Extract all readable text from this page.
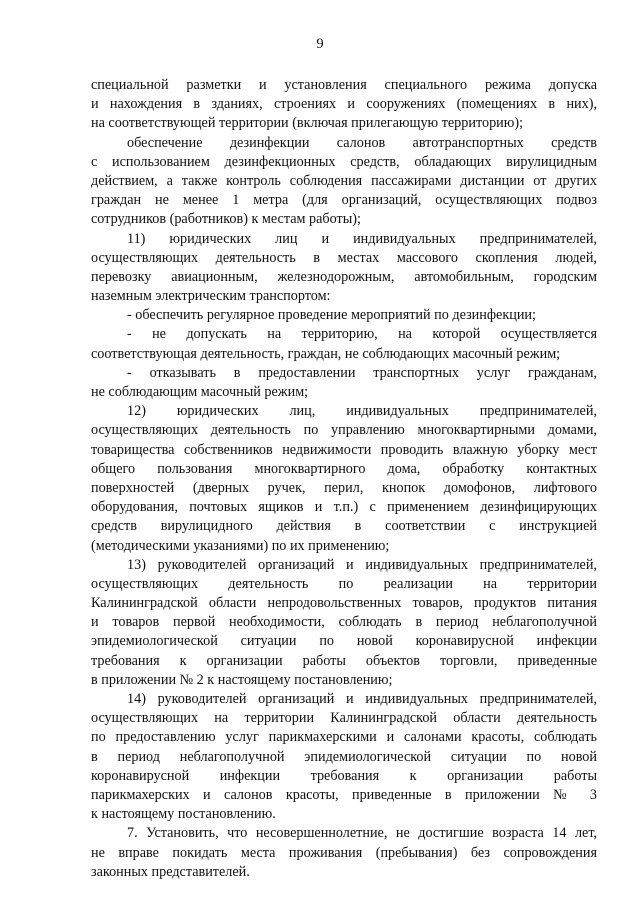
9
специальной разметки и установления специального режима допуска
и нахождения в зданиях, строениях и сооружениях (помещениях в них),
на соответствующей территории (включая прилегающую территорию);
обеспечение дезинфекции салонов автотранспортных средств
с использованием дезинфекционных средств, обладающих вирулицидным
действием, а также контроль соблюдения пассажирами дистанции от других
граждан не менее 1 метра (для организаций, осуществляющих подвоз
сотрудников (работников) к местам работы);
11) юридических лиц и индивидуальных предпринимателей,
осуществляющих деятельность в местах массового скопления людей,
перевозку авиационным, железнодорожным, автомобильным, городским
наземным электрическим транспортом:
- обеспечить регулярное проведение мероприятий по дезинфекции;
- не допускать на территорию, на которой осуществляется
соответствующая деятельность, граждан, не соблюдающих масочный режим;
- отказывать в предоставлении транспортных услуг гражданам,
не соблюдающим масочный режим;
12) юридических лиц, индивидуальных предпринимателей,
осуществляющих деятельность по управлению многоквартирными домами,
товарищества собственников недвижимости проводить влажную уборку мест
общего пользования многоквартирного дома, обработку контактных
поверхностей (дверных ручек, перил, кнопок домофонов, лифтового
оборудования, почтовых ящиков и т.п.) с применением дезинфицирующих
средств вирулицидного действия в соответствии с инструкцией
(методическими указаниями) по их применению;
13) руководителей организаций и индивидуальных предпринимателей,
осуществляющих деятельность по реализации на территории
Калининградской области непродовольственных товаров, продуктов питания
и товаров первой необходимости, соблюдать в период неблагополучной
эпидемиологической ситуации по новой коронавирусной инфекции
требования к организации работы объектов торговли, приведенные
в приложении № 2 к настоящему постановлению;
14) руководителей организаций и индивидуальных предпринимателей,
осуществляющих на территории Калининградской области деятельность
по предоставлению услуг парикмахерскими и салонами красоты, соблюдать
в период неблагополучной эпидемиологической ситуации по новой
коронавирусной инфекции требования к организации работы
парикмахерских и салонов красоты, приведенные в приложении № 3
к настоящему постановлению.
7. Установить, что несовершеннолетние, не достигшие возраста 14 лет,
не вправе покидать места проживания (пребывания) без сопровождения
законных представителей.
